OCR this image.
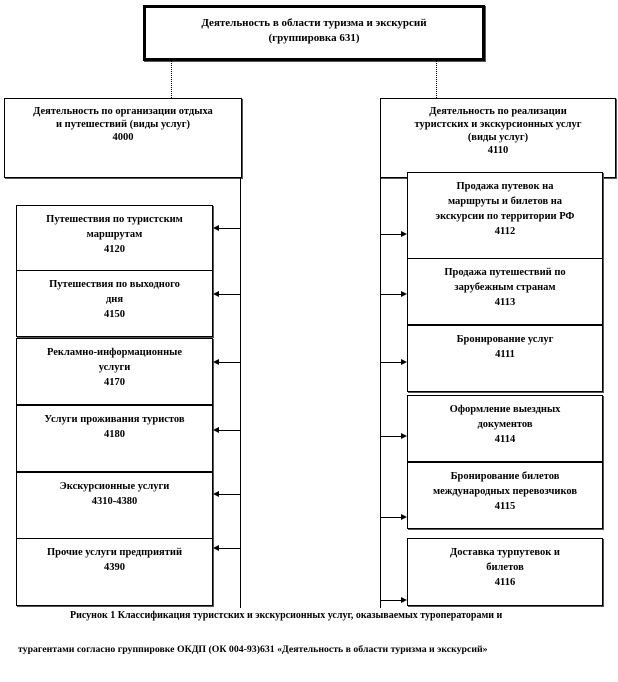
Деятельность в области туризма и экскурсий
(группировка 631)
Деятельность по организации отдыха
и путешествий (виды услуг)
4000
Деятельность по реализации
туристских и экскурсионных услуг
(виды услуг)
4110
Рисунок 1 Классификация туристских и экскурсионных услуг, оказываемых туроператорами и
турагентами согласно группировке ОКДП (ОК 004-93)631 «Деятельность в области туризма и экскурсий»
Путешествия по туристским
маршрутам
4120
Путешествия по выходного
дня
4150
Рекламно-информационные
услуги
4170
Услуги проживания туристов
4180
Экскурсионные услуги
4310-4380
Прочие услуги предприятий
4390
Продажа путевок на
маршруты и билетов на
экскурсии по территории РФ
4112
Продажа путешествий по
зарубежным странам
4113
Бронирование услуг
4111
Оформление выездных
документов
4114
Бронирование билетов
международных перевозчиков
4115
Доставка турпутевок и
билетов
4116
